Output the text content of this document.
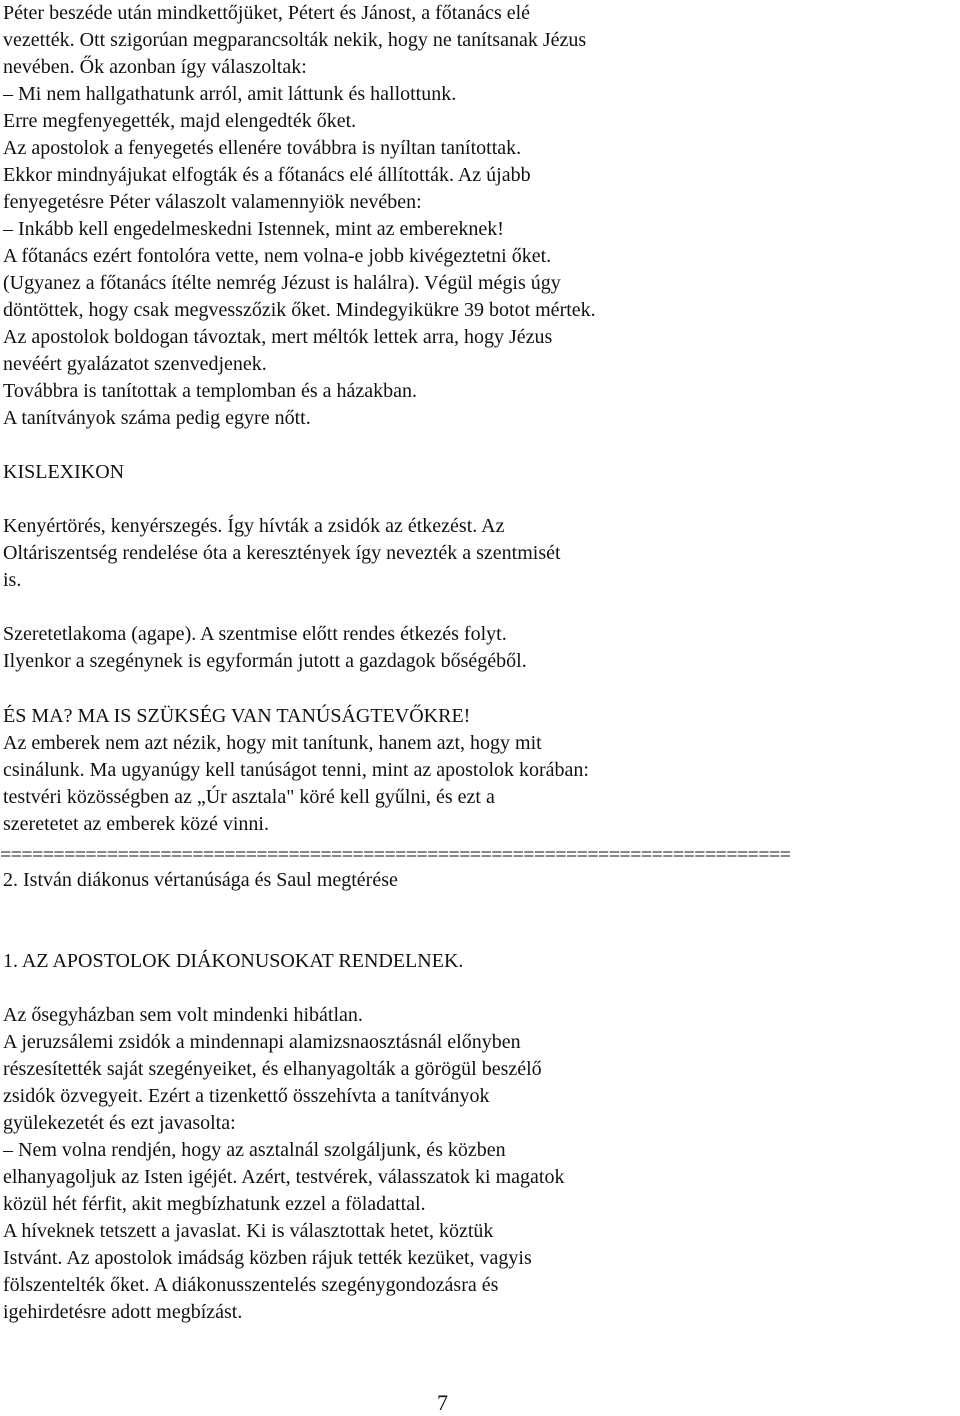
Péter beszéde után mindkettőjüket, Pétert és Jánost, a főtanács elé
vezették. Ott szigorúan megparancsolták nekik, hogy ne tanítsanak Jézus
nevében. Ők azonban így válaszoltak:
– Mi nem hallgathatunk arról, amit láttunk és hallottunk.
Erre megfenyegették, majd elengedték őket.
Az apostolok a fenyegetés ellenére továbbra is nyíltan tanítottak.
Ekkor mindnyájukat elfogták és a főtanács elé állították. Az újabb
fenyegetésre Péter válaszolt valamennyiök nevében:
– Inkább kell engedelmeskedni Istennek, mint az embereknek!
A főtanács ezért fontolóra vette, nem volna-e jobb kivégeztetni őket.
(Ugyanez a főtanács ítélte nemrég Jézust is halálra). Végül mégis úgy
döntöttek, hogy csak megvesszőzik őket. Mindegyikükre 39 botot mértek.
Az apostolok boldogan távoztak, mert méltók lettek arra, hogy Jézus
nevéért gyalázatot szenvedjenek.
Továbbra is tanítottak a templomban és a házakban.
A tanítványok száma pedig egyre nőtt.
KISLEXIKON
Kenyértörés, kenyérszegés. Így hívták a zsidók az étkezést. Az
Oltáriszentség rendelése óta a keresztények így nevezték a szentmisét
is.
Szeretetlakoma (agape). A szentmise előtt rendes étkezés folyt.
Ilyenkor a szegénynek is egyformán jutott a gazdagok bőségéből.
ÉS MA? MA IS SZÜKSÉG VAN TANÚSÁGTEVŐKRE!
Az emberek nem azt nézik, hogy mit tanítunk, hanem azt, hogy mit
csinálunk. Ma ugyanúgy kell tanúságot tenni, mint az apostolok korában:
testvéri közösségben az „Úr asztala" köré kell gyűlni, és ezt a
szeretetet az emberek közé vinni.
==========================================================================
2. István diákonus vértanúsága és Saul megtérése
1. AZ APOSTOLOK DIÁKONUSOKAT RENDELNEK.
Az ősegyházban sem volt mindenki hibátlan.
A jeruzsálemi zsidók a mindennapi alamizsnaosztásnál előnyben
részesítették saját szegényeiket, és elhanyagolták a görögül beszélő
zsidók özvegyeit. Ezért a tizenkettő összehívta a tanítványok
gyülekezetét és ezt javasolta:
– Nem volna rendjén, hogy az asztalnál szolgáljunk, és közben
elhanyagoljuk az Isten igéjét. Azért, testvérek, válasszatok ki magatok
közül hét férfit, akit megbízhatunk ezzel a föladattal.
A híveknek tetszett a javaslat. Ki is választottak hetet, köztük
Istvánt. Az apostolok imádság közben rájuk tették kezüket, vagyis
fölszentelték őket. A diákonusszentelés szegénygondozásra és
igehirdetésre adott megbízást.
7
